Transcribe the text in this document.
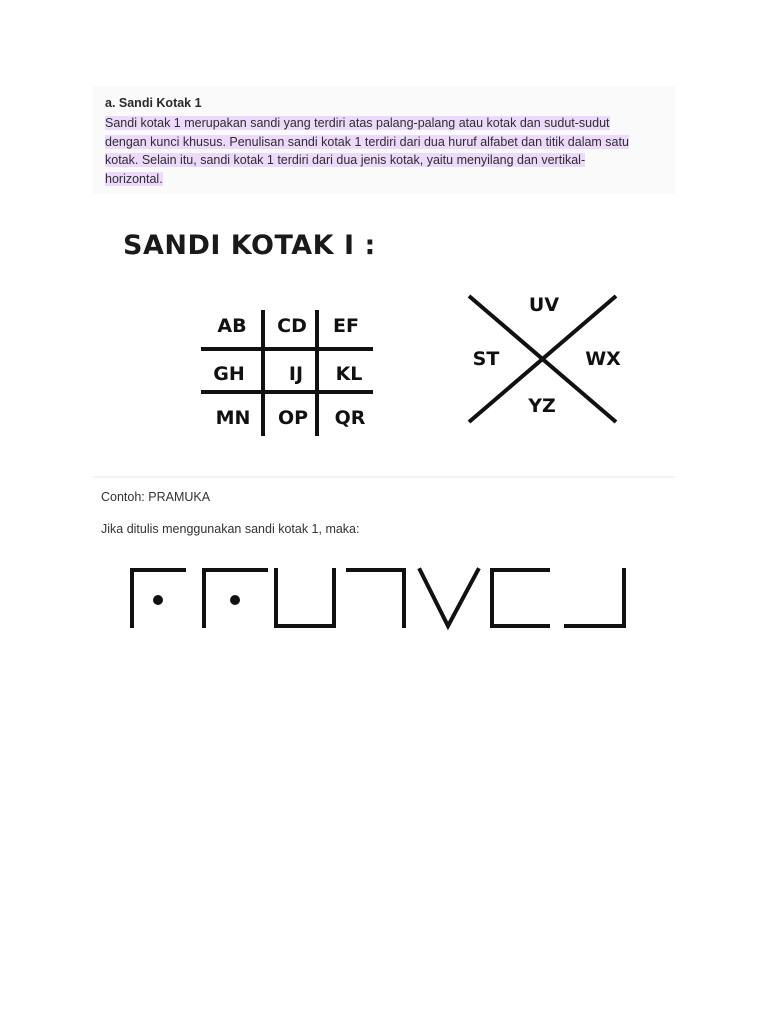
a. Sandi Kotak 1
Sandi kotak 1 merupakan sandi yang terdiri atas palang-palang atau kotak dan sudut-sudut
dengan kunci khusus. Penulisan sandi kotak 1 terdiri dari dua huruf alfabet dan titik dalam satu
kotak. Selain itu, sandi kotak 1 terdiri dari dua jenis kotak, yaitu menyilang dan vertikal-
horizontal.
SANDI KOTAK I :
AB CD EF
GH IJ KL
MN OP QR
UV
ST	WX
YZ
Contoh: PRAMUKA
Jika ditulis menggunakan sandi kotak 1, maka:
